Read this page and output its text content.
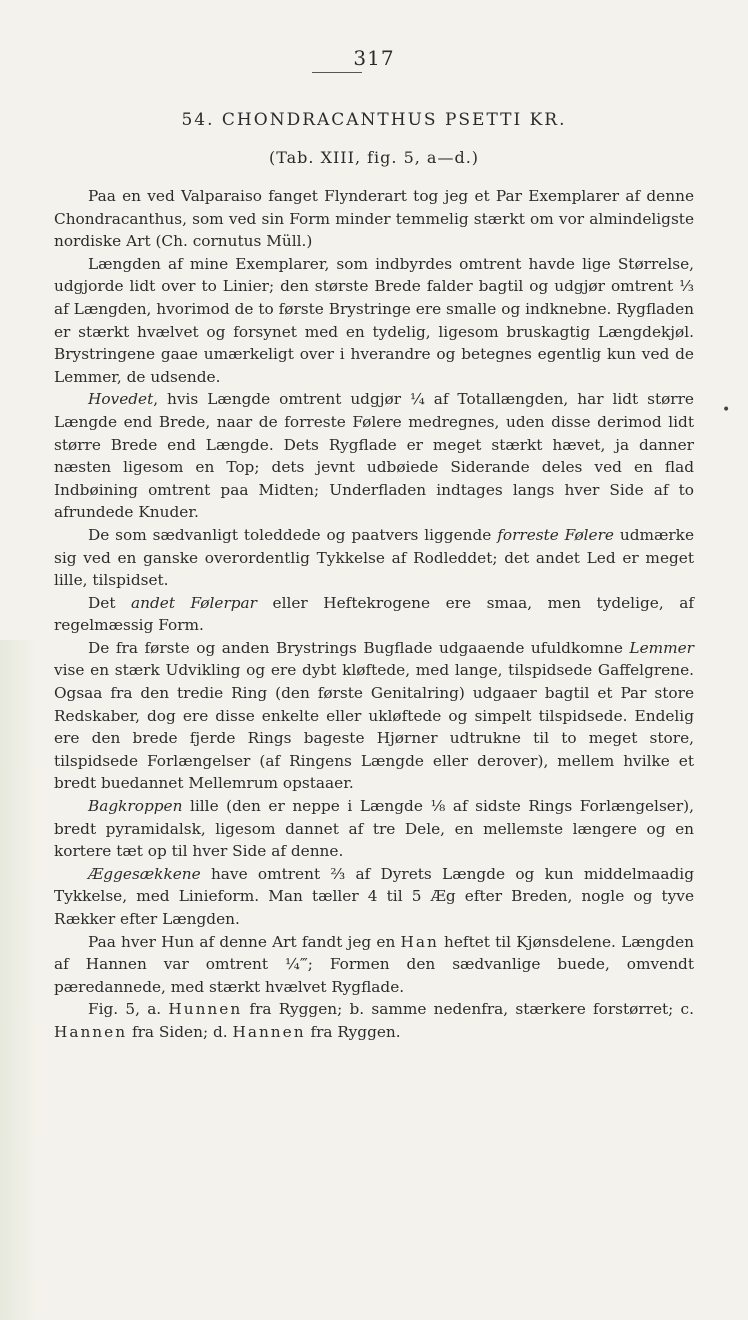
317
54. CHONDRACANTHUS PSETTI KR.
(Tab. XIII, fig. 5, a—d.)
•

Paa en ved Valparaiso fanget Flynderart tog jeg et Par Exemplarer af denne Chondracanthus, som ved sin Form minder temmelig stærkt om vor almindeligste nordiske Art (Ch. cornutus Müll.)

Længden af mine Exemplarer, som indbyrdes omtrent havde lige Størrelse, udgjorde lidt over to Linier; den største Brede falder bagtil og udgjør omtrent ⅓ af Længden, hvorimod de to første Brystringe ere smalle og indknebne. Rygfladen er stærkt hvælvet og forsynet med en tydelig, ligesom bruskagtig Længdekjøl. Brystringene gaae umærkeligt over i hverandre og betegnes egentlig kun ved de Lemmer, de udsende.

Hovedet, hvis Længde omtrent udgjør ¼ af Totallængden, har lidt større Længde end Brede, naar de forreste Følere medregnes, uden disse derimod lidt større Brede end Længde. Dets Rygflade er meget stærkt hævet, ja danner næsten ligesom en Top; dets jevnt udbøiede Siderande deles ved en flad Indbøining omtrent paa Midten; Underfladen indtages langs hver Side af to afrundede Knuder.

De som sædvanligt toleddede og paatvers liggende forreste Følere udmærke sig ved en ganske overordentlig Tykkelse af Rodleddet; det andet Led er meget lille, tilspidset.

Det andet Følerpar eller Heftekrogene ere smaa, men tydelige, af regelmæssig Form.

De fra første og anden Brystrings Bugflade udgaaende ufuldkomne Lemmer vise en stærk Udvikling og ere dybt kløftede, med lange, tilspidsede Gaffelgrene. Ogsaa fra den tredie Ring (den første Genitalring) udgaaer bagtil et Par store Redskaber, dog ere disse enkelte eller ukløftede og simpelt tilspidsede. Endelig ere den brede fjerde Rings bageste Hjørner udtrukne til to meget store, tilspidsede Forlængelser (af Ringens Længde eller derover), mellem hvilke et bredt buedannet Mellemrum opstaaer.

Bagkroppen lille (den er neppe i Længde ⅛ af sidste Rings Forlængelser), bredt pyramidalsk, ligesom dannet af tre Dele, en mellemste længere og en kortere tæt op til hver Side af denne.

Æggesækkene have omtrent ⅔ af Dyrets Længde og kun middelmaadig Tykkelse, med Linieform. Man tæller 4 til 5 Æg efter Breden, nogle og tyve Rækker efter Længden.

Paa hver Hun af denne Art fandt jeg en Han heftet til Kjønsdelene. Længden af Hannen var omtrent ¼‴; Formen den sædvanlige buede, omvendt pæredannede, med stærkt hvælvet Rygflade.

Fig. 5, a. Hunnen fra Ryggen; b. samme nedenfra, stærkere forstørret; c. Hannen fra Siden; d. Hannen fra Ryggen.
